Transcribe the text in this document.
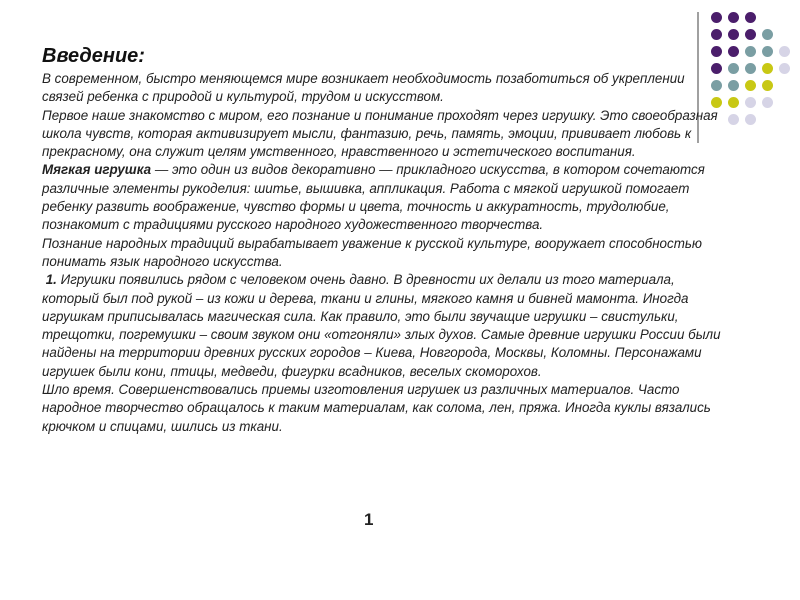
Введение:

В современном, быстро меняющемся мире возникает необходимость позаботиться об укреплении связей ребенка с природой и культурой, трудом и искусством.

Первое наше знакомство с миром, его познание и понимание проходят через игрушку. Это своеобразная школа чувств, которая активизирует мысли, фантазию, речь, память, эмоции, прививает любовь к прекрасному, она служит целям умственного, нравственного и эстетического воспитания.

Мягкая игрушка — это один из видов декоративно — прикладного искусства, в котором сочетаются различные элементы рукоделия: шитье, вышивка, аппликация. Работа с мягкой игрушкой помогает ребенку развить воображение, чувство формы и цвета, точность и аккуратность, трудолюбие, познакомит с традициями русского народного художественного творчества.

Познание народных традиций вырабатывает уважение к русской культуре, вооружает способностью понимать язык народного искусства.

1. Игрушки появились рядом с человеком очень давно. В древности их делали из того материала, который был под рукой – из кожи и дерева, ткани и глины, мягкого камня и бивней мамонта. Иногда игрушкам приписывалась магическая сила. Как правило, это были звучащие игрушки – свистульки, трещотки, погремушки – своим звуком они «отгоняли» злых духов. Самые древние игрушки России были найдены на территории древних русских городов – Киева, Новгорода, Москвы, Коломны. Персонажами игрушек были кони, птицы, медведи, фигурки всадников, веселых скоморохов.

Шло время. Совершенствовались приемы изготовления игрушек из различных материалов. Часто народное творчество обращалось к таким материалам, как солома, лен, пряжа. Иногда куклы вязались крючком и спицами, шились из ткани.

1
